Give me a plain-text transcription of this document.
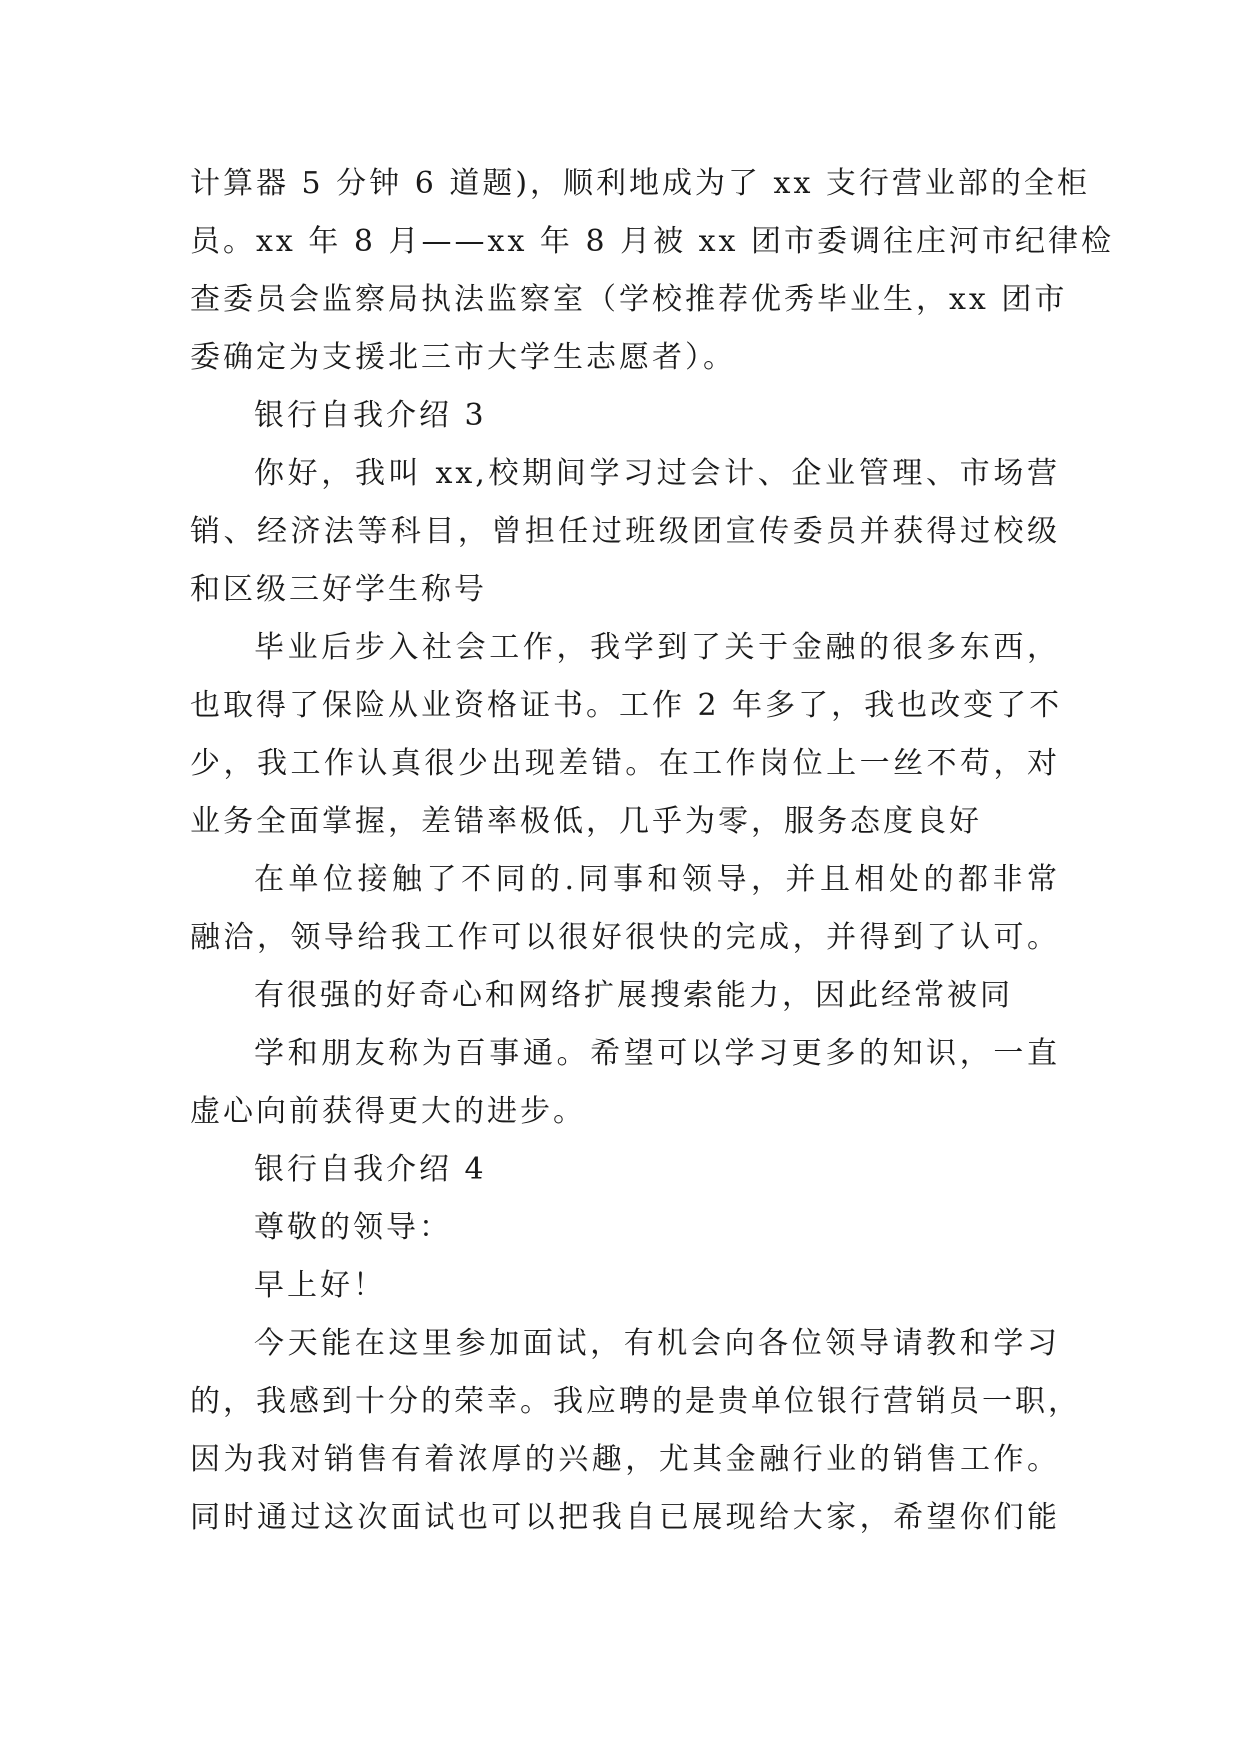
计算器 5 分钟 6 道题)，顺利地成为了 xx 支行营业部的全柜
员。xx 年 8 月——xx 年 8 月被 xx 团市委调往庄河市纪律检
查委员会监察局执法监察室（学校推荐优秀毕业生，xx 团市
委确定为支援北三市大学生志愿者）。
银行自我介绍 3
你好，我叫 xx,校期间学习过会计、企业管理、市场营
销、经济法等科目，曾担任过班级团宣传委员并获得过校级
和区级三好学生称号
毕业后步入社会工作，我学到了关于金融的很多东西，
也取得了保险从业资格证书。工作 2 年多了，我也改变了不
少，我工作认真很少出现差错。在工作岗位上一丝不苟，对
业务全面掌握，差错率极低，几乎为零，服务态度良好
在单位接触了不同的.同事和领导，并且相处的都非常
融洽，领导给我工作可以很好很快的完成，并得到了认可。
有很强的好奇心和网络扩展搜索能力，因此经常被同
学和朋友称为百事通。希望可以学习更多的知识，一直
虚心向前获得更大的进步。
银行自我介绍 4
尊敬的领导：
早上好！
今天能在这里参加面试，有机会向各位领导请教和学习
的，我感到十分的荣幸。我应聘的是贵单位银行营销员一职，
因为我对销售有着浓厚的兴趣，尤其金融行业的销售工作。
同时通过这次面试也可以把我自已展现给大家，希望你们能
